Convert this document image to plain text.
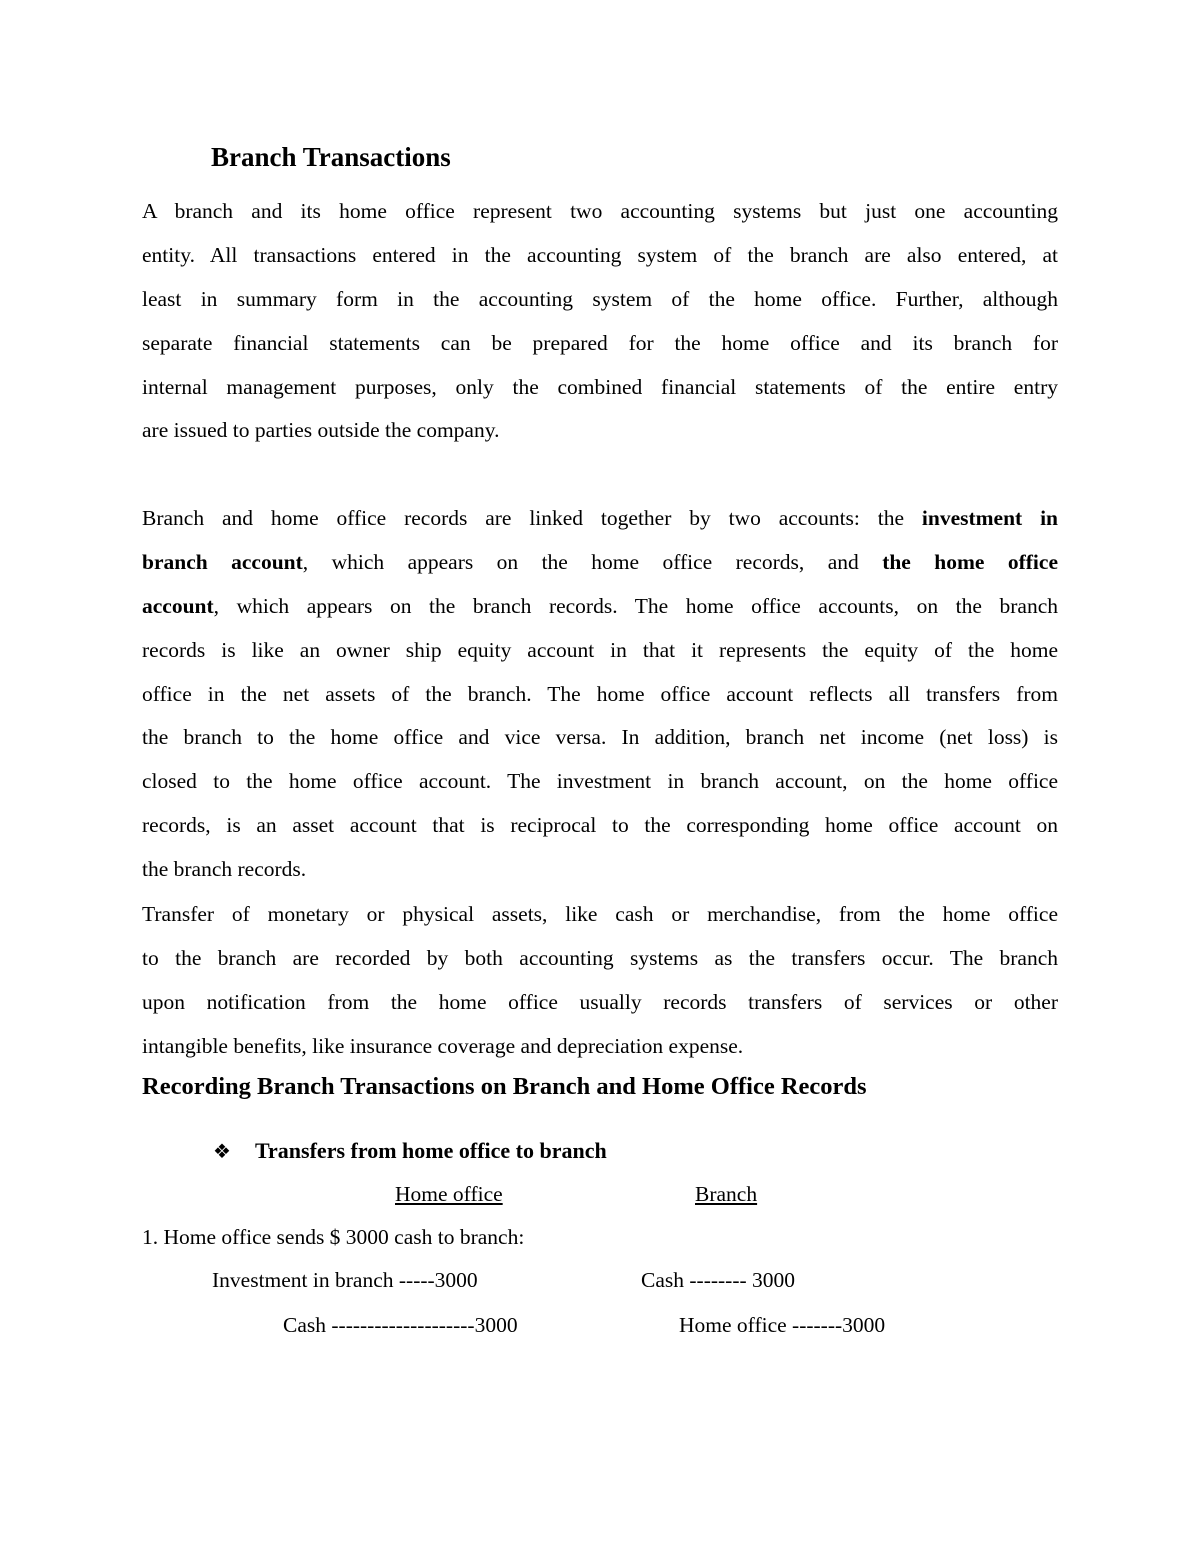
Branch Transactions
A branch and its home office represent two accounting systems but just one accounting
entity. All transactions entered in the accounting system of the branch are also entered, at
least in summary form in the accounting system of the home office. Further, although
separate financial statements can be prepared for the home office and its branch for
internal management purposes, only the combined financial statements of the entire entry
are issued to parties outside the company.
Branch and home office records are linked together by two accounts: the investment in
branch account, which appears on the home office records, and the home office
account, which appears on the branch records. The home office accounts, on the branch
records is like an owner ship equity account in that it represents the equity of the home
office in the net assets of the branch. The home office account reflects all transfers from
the branch to the home office and vice versa. In addition, branch net income (net loss) is
closed to the home office account. The investment in branch account, on the home office
records, is an asset account that is reciprocal to the corresponding home office account on
the branch records.
Transfer of monetary or physical assets, like cash or merchandise, from the home office
to the branch are recorded by both accounting systems as the transfers occur. The branch
upon notification from the home office usually records transfers of services or other
intangible benefits, like insurance coverage and depreciation expense.
Recording Branch Transactions on Branch and Home Office Records
❖ Transfers from home office to branch
Home office	Branch
1. Home office sends $ 3000 cash to branch:
Investment in branch -----3000	Cash -------- 3000
Cash --------------------3000	Home office -------3000
